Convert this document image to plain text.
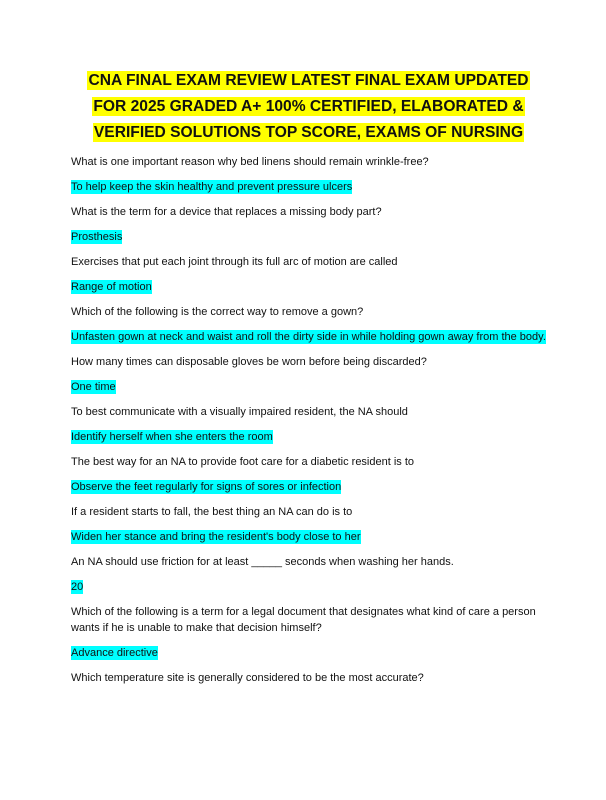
CNA FINAL EXAM REVIEW LATEST FINAL EXAM UPDATED FOR 2025 GRADED A+ 100% CERTIFIED, ELABORATED & VERIFIED SOLUTIONS TOP SCORE, EXAMS OF NURSING
What is one important reason why bed linens should remain wrinkle-free?
To help keep the skin healthy and prevent pressure ulcers
What is the term for a device that replaces a missing body part?
Prosthesis
Exercises that put each joint through its full arc of motion are called
Range of motion
Which of the following is the correct way to remove a gown?
Unfasten gown at neck and waist and roll the dirty side in while holding gown away from the body.
How many times can disposable gloves be worn before being discarded?
One time
To best communicate with a visually impaired resident, the NA should
Identify herself when she enters the room
The best way for an NA to provide foot care for a diabetic resident is to
Observe the feet regularly for signs of sores or infection
If a resident starts to fall, the best thing an NA can do is to
Widen her stance and bring the resident's body close to her
An NA should use friction for at least _____ seconds when washing her hands.
20
Which of the following is a term for a legal document that designates what kind of care a person wants if he is unable to make that decision himself?
Advance directive
Which temperature site is generally considered to be the most accurate?
